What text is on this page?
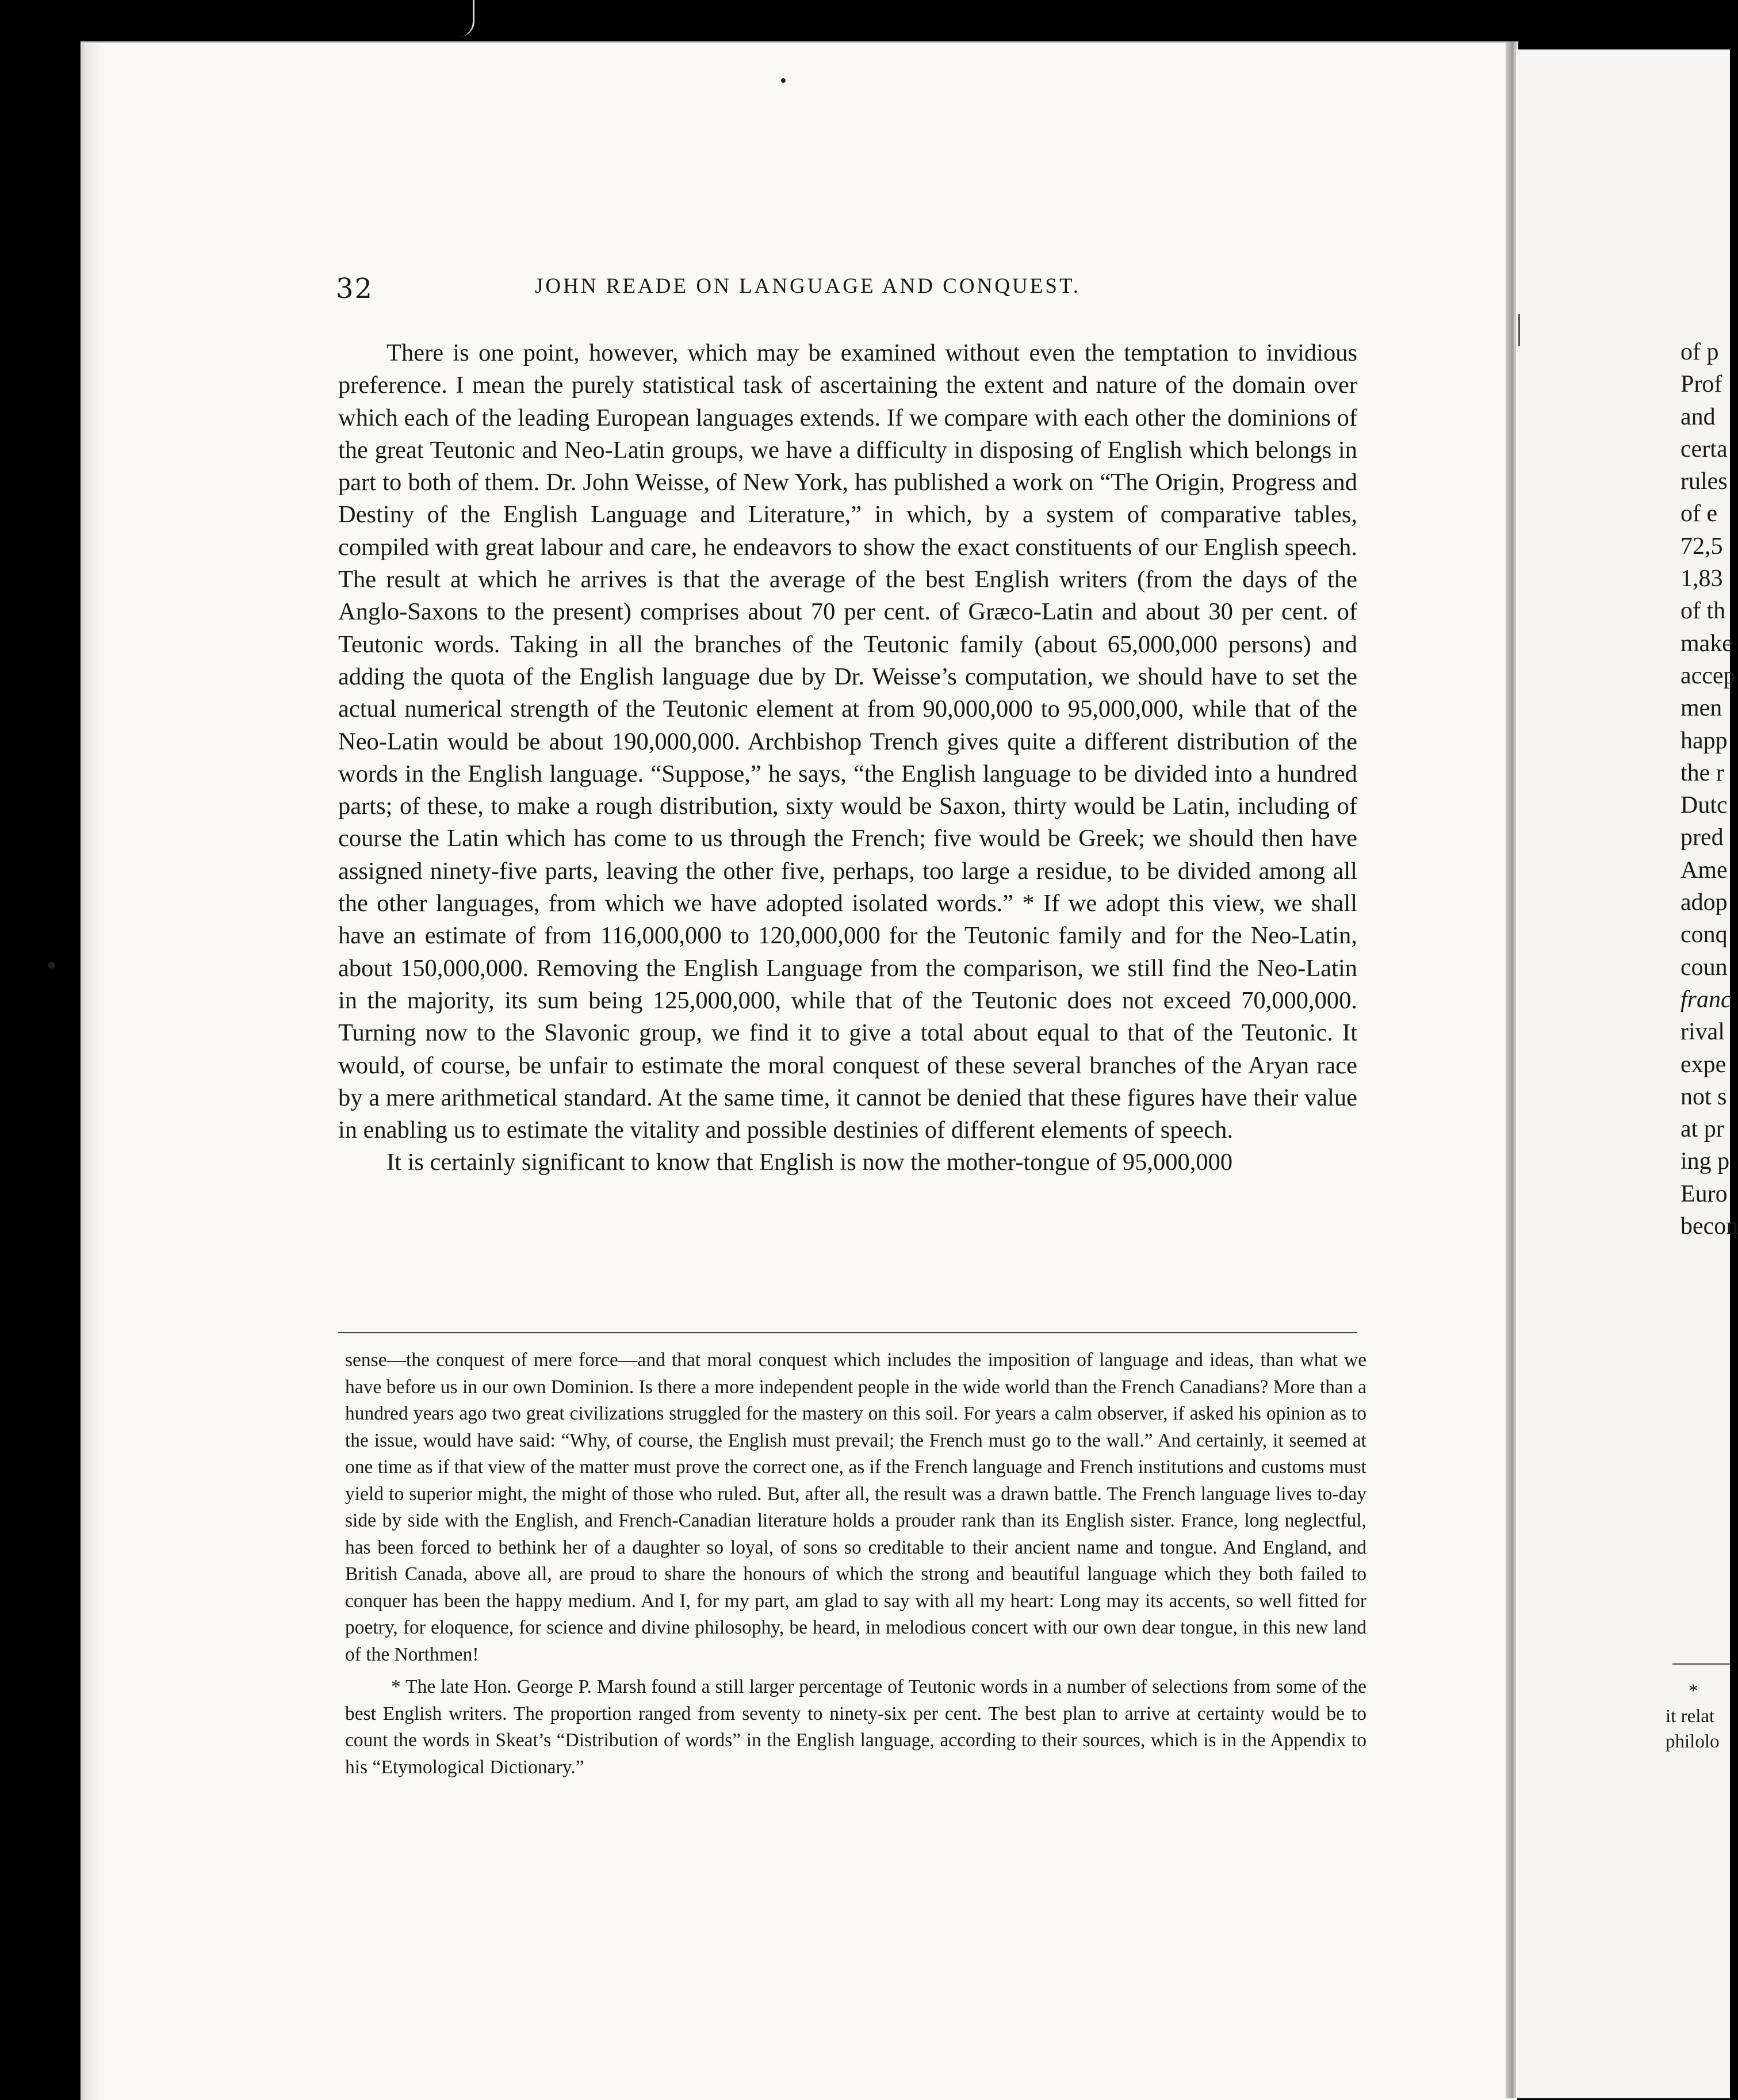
32	JOHN READE ON LANGUAGE AND CONQUEST.

There is one point, however, which may be examined without even the temptation to invidious preference. I mean the purely statistical task of ascertaining the extent and nature of the domain over which each of the leading European languages extends. If we compare with each other the dominions of the great Teutonic and Neo-Latin groups, we have a difficulty in disposing of English which belongs in part to both of them. Dr. John Weisse, of New York, has published a work on “The Origin, Progress and Destiny of the English Language and Literature,” in which, by a system of comparative tables, compiled with great labour and care, he endeavors to show the exact constituents of our English speech. The result at which he arrives is that the average of the best English writers (from the days of the Anglo-Saxons to the present) comprises about 70 per cent. of Græco-Latin and about 30 per cent. of Teutonic words. Taking in all the branches of the Teutonic family (about 65,000,000 persons) and adding the quota of the English language due by Dr. Weisse’s computation, we should have to set the actual numerical strength of the Teutonic element at from 90,000,000 to 95,000,000, while that of the Neo-Latin would be about 190,000,000. Archbishop Trench gives quite a different distribution of the words in the English language. “Suppose,” he says, “the English language to be divided into a hundred parts; of these, to make a rough distribution, sixty would be Saxon, thirty would be Latin, including of course the Latin which has come to us through the French; five would be Greek; we should then have assigned ninety-five parts, leaving the other five, perhaps, too large a residue, to be divided among all the other languages, from which we have adopted isolated words.” * If we adopt this view, we shall have an estimate of from 116,000,000 to 120,000,000 for the Teutonic family and for the Neo-Latin, about 150,000,000. Removing the English Language from the comparison, we still find the Neo-Latin in the majority, its sum being 125,000,000, while that of the Teutonic does not exceed 70,000,000. Turning now to the Slavonic group, we find it to give a total about equal to that of the Teutonic. It would, of course, be unfair to estimate the moral conquest of these several branches of the Aryan race by a mere arithmetical standard. At the same time, it cannot be denied that these figures have their value in enabling us to estimate the vitality and possible destinies of different elements of speech.

It is certainly significant to know that English is now the mother-tongue of 95,000,000

sense—the conquest of mere force—and that moral conquest which includes the imposition of language and ideas, than what we have before us in our own Dominion. Is there a more independent people in the wide world than the French Canadians? More than a hundred years ago two great civilizations struggled for the mastery on this soil. For years a calm observer, if asked his opinion as to the issue, would have said: “Why, of course, the English must prevail; the French must go to the wall.” And certainly, it seemed at one time as if that view of the matter must prove the correct one, as if the French language and French institutions and customs must yield to superior might, the might of those who ruled. But, after all, the result was a drawn battle. The French language lives to-day side by side with the English, and French-Canadian literature holds a prouder rank than its English sister. France, long neglectful, has been forced to bethink her of a daughter so loyal, of sons so creditable to their ancient name and tongue. And England, and British Canada, above all, are proud to share the honours of which the strong and beautiful language which they both failed to conquer has been the happy medium. And I, for my part, am glad to say with all my heart: Long may its accents, so well fitted for poetry, for eloquence, for science and divine philosophy, be heard, in melodious concert with our own dear tongue, in this new land of the Northmen!

* The late Hon. George P. Marsh found a still larger percentage of Teutonic words in a number of selections from some of the best English writers. The proportion ranged from seventy to ninety-six per cent. The best plan to arrive at certainty would be to count the words in Skeat’s “Distribution of words” in the English language, according to their sources, which is in the Appendix to his “Etymological Dictionary.”

of p
Prof
and
certa
rules
of e
72,5
1,83
of th
make
accep
men
happ
the r
Dutc
pred
Ame
adop
conq
coun
franc
rival
expe
not s
at pr
ing p
Euro
becon
*
it relat
philolo
